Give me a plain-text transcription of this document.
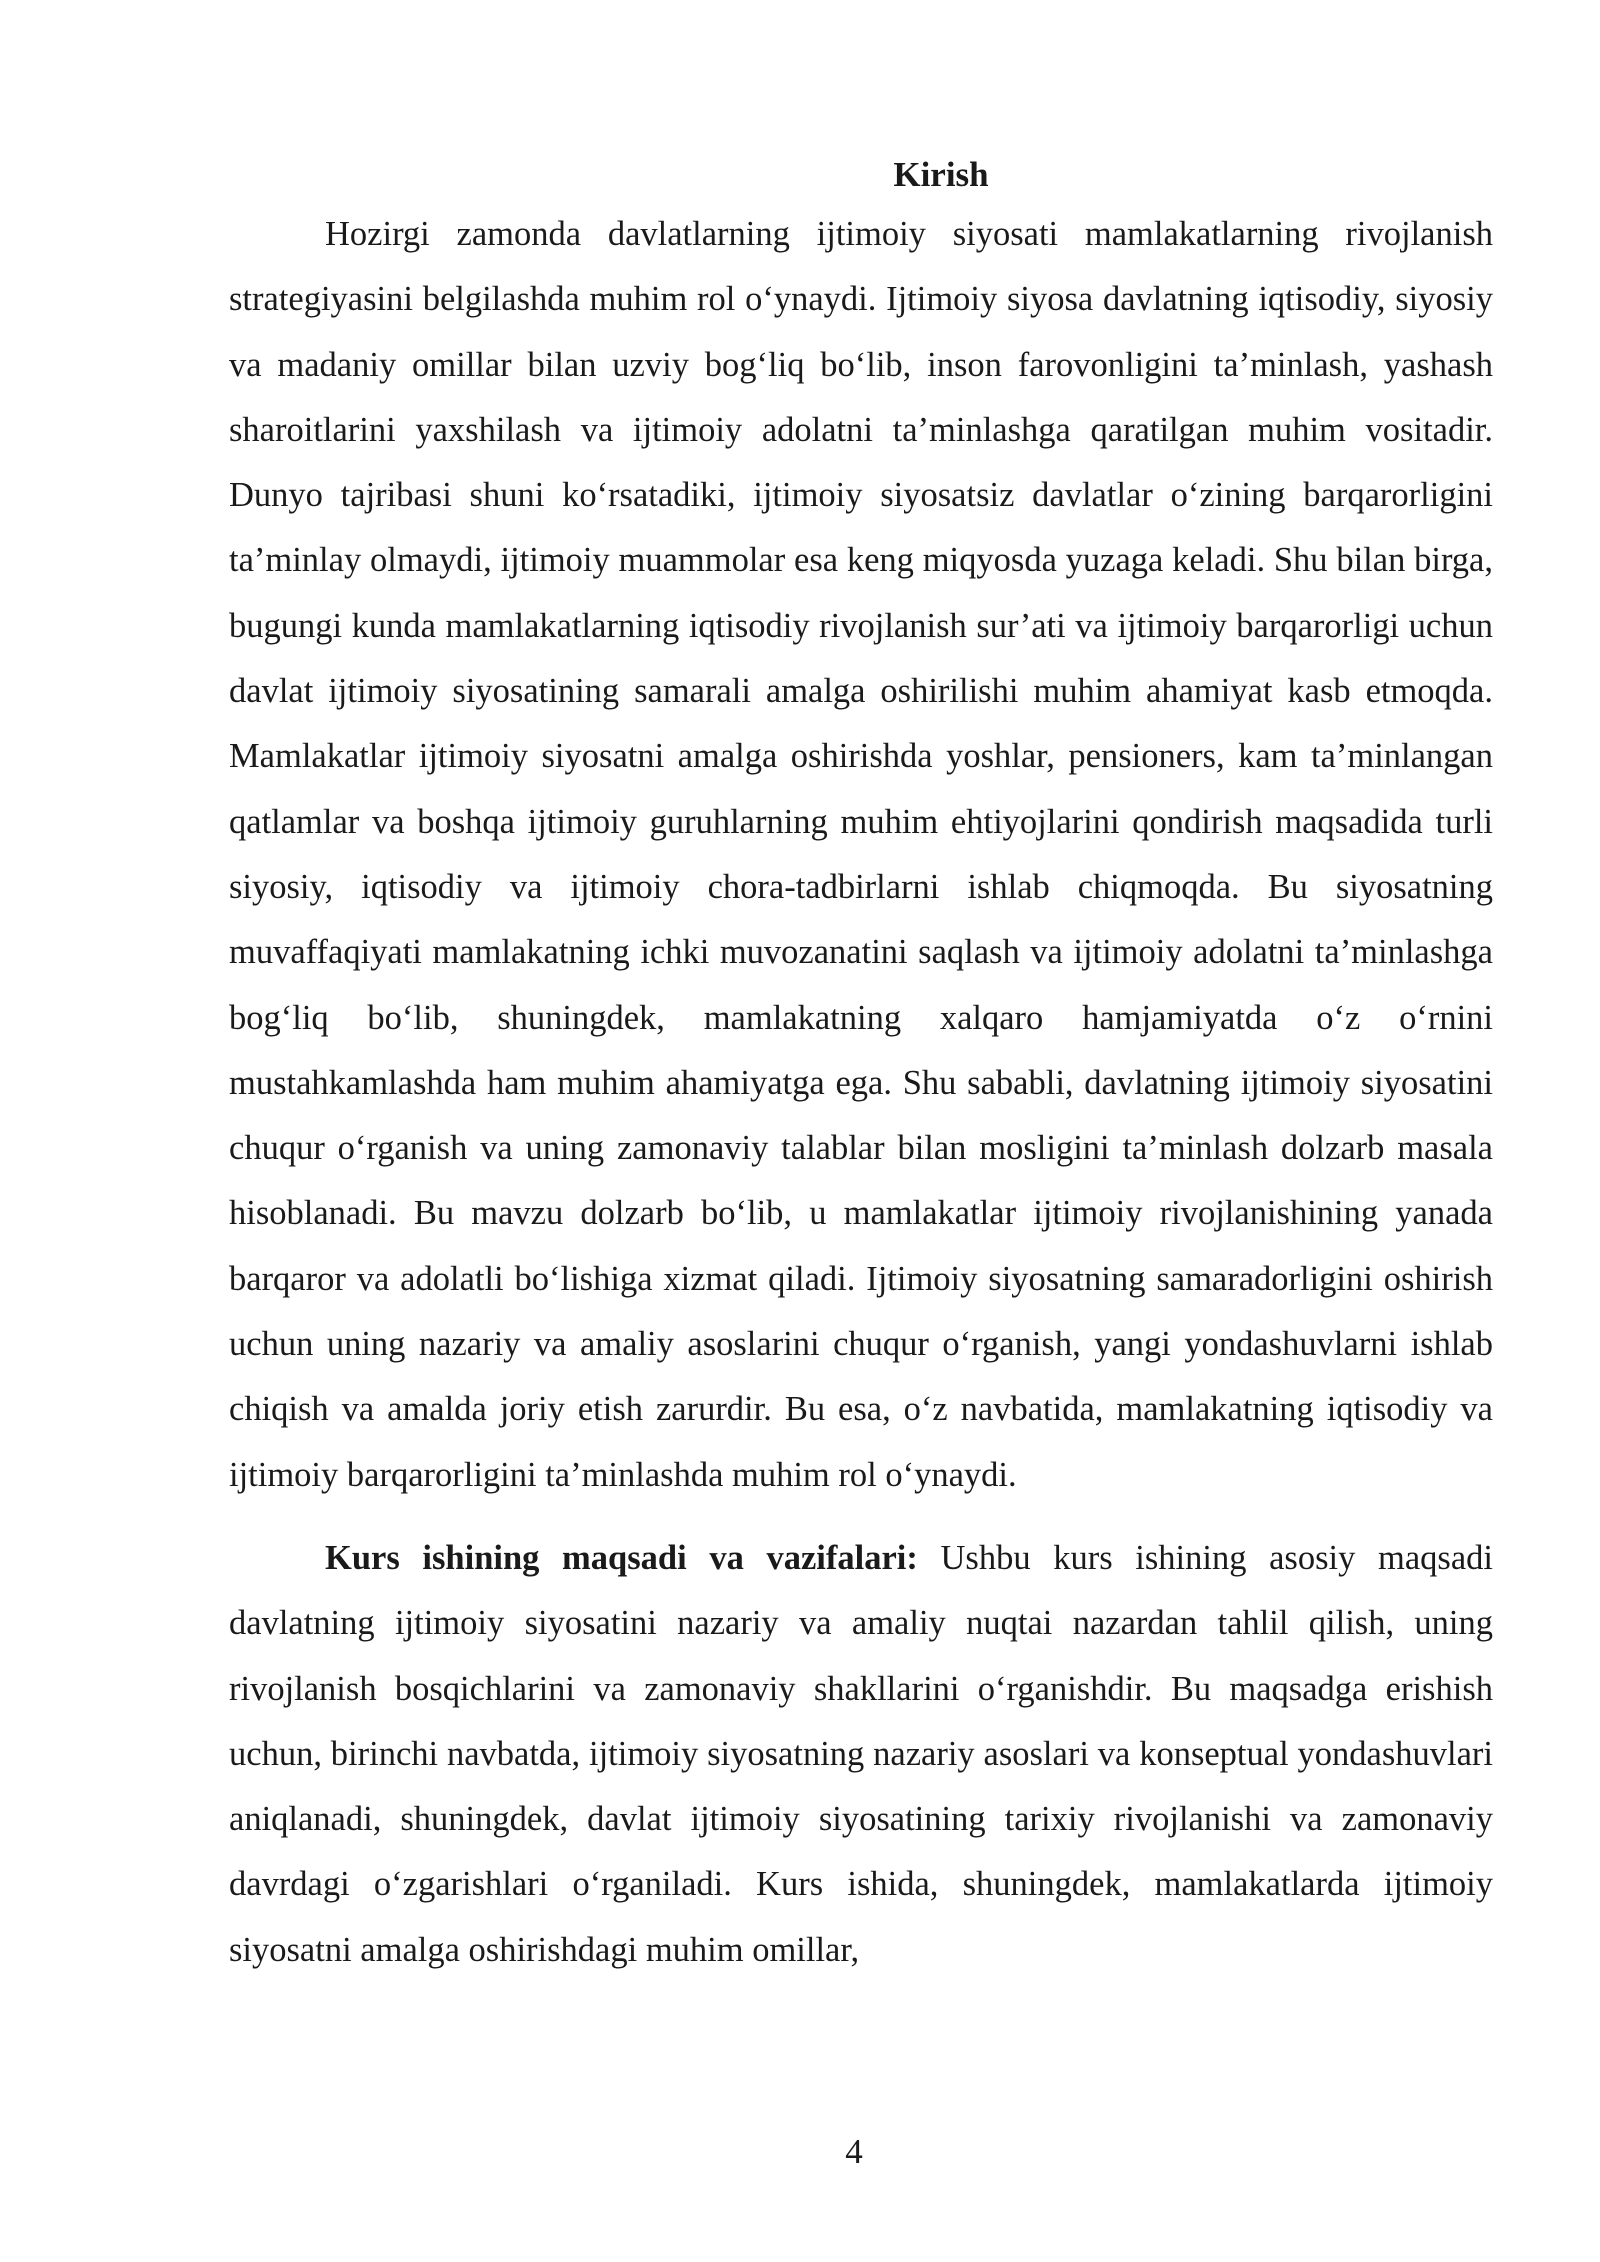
Kirish

Hozirgi zamonda davlatlarning ijtimoiy siyosati mamlakatlarning rivojlanish strategiyasini belgilashda muhim rol o‘ynaydi. Ijtimoiy siyosa davlatning iqtisodiy, siyosiy va madaniy omillar bilan uzviy bog‘liq bo‘lib, inson farovonligini ta’minlash, yashash sharoitlarini yaxshilash va ijtimoiy adolatni ta’minlashga qaratilgan muhim vositadir. Dunyo tajribasi shuni ko‘rsatadiki, ijtimoiy siyosatsiz davlatlar o‘zining barqarorligini ta’minlay olmaydi, ijtimoiy muammolar esa keng miqyosda yuzaga keladi. Shu bilan birga, bugungi kunda mamlakatlarning iqtisodiy rivojlanish sur’ati va ijtimoiy barqarorligi uchun davlat ijtimoiy siyosatining samarali amalga oshirilishi muhim ahamiyat kasb etmoqda. Mamlakatlar ijtimoiy siyosatni amalga oshirishda yoshlar, pensioners, kam ta’minlangan qatlamlar va boshqa ijtimoiy guruhlarning muhim ehtiyojlarini qondirish maqsadida turli siyosiy, iqtisodiy va ijtimoiy chora-tadbirlarni ishlab chiqmoqda. Bu siyosatning muvaffaqiyati mamlakatning ichki muvozanatini saqlash va ijtimoiy adolatni ta’minlashga bog‘liq bo‘lib, shuningdek, mamlakatning xalqaro hamjamiyatda o‘z o‘rnini mustahkamlashda ham muhim ahamiyatga ega. Shu sababli, davlatning ijtimoiy siyosatini chuqur o‘rganish va uning zamonaviy talablar bilan mosligini ta’minlash dolzarb masala hisoblanadi. Bu mavzu dolzarb bo‘lib, u mamlakatlar ijtimoiy rivojlanishining yanada barqaror va adolatli bo‘lishiga xizmat qiladi. Ijtimoiy siyosatning samaradorligini oshirish uchun uning nazariy va amaliy asoslarini chuqur o‘rganish, yangi yondashuvlarni ishlab chiqish va amalda joriy etish zarurdir. Bu esa, o‘z navbatida, mamlakatning iqtisodiy va ijtimoiy barqarorligini ta’minlashda muhim rol o‘ynaydi.

Kurs ishining maqsadi va vazifalari: Ushbu kurs ishining asosiy maqsadi davlatning ijtimoiy siyosatini nazariy va amaliy nuqtai nazardan tahlil qilish, uning rivojlanish bosqichlarini va zamonaviy shakllarini o‘rganishdir. Bu maqsadga erishish uchun, birinchi navbatda, ijtimoiy siyosatning nazariy asoslari va konseptual yondashuvlari aniqlanadi, shuningdek, davlat ijtimoiy siyosatining tarixiy rivojlanishi va zamonaviy davrdagi o‘zgarishlari o‘rganiladi. Kurs ishida, shuningdek, mamlakatlarda ijtimoiy siyosatni amalga oshirishdagi muhim omillar,

4
